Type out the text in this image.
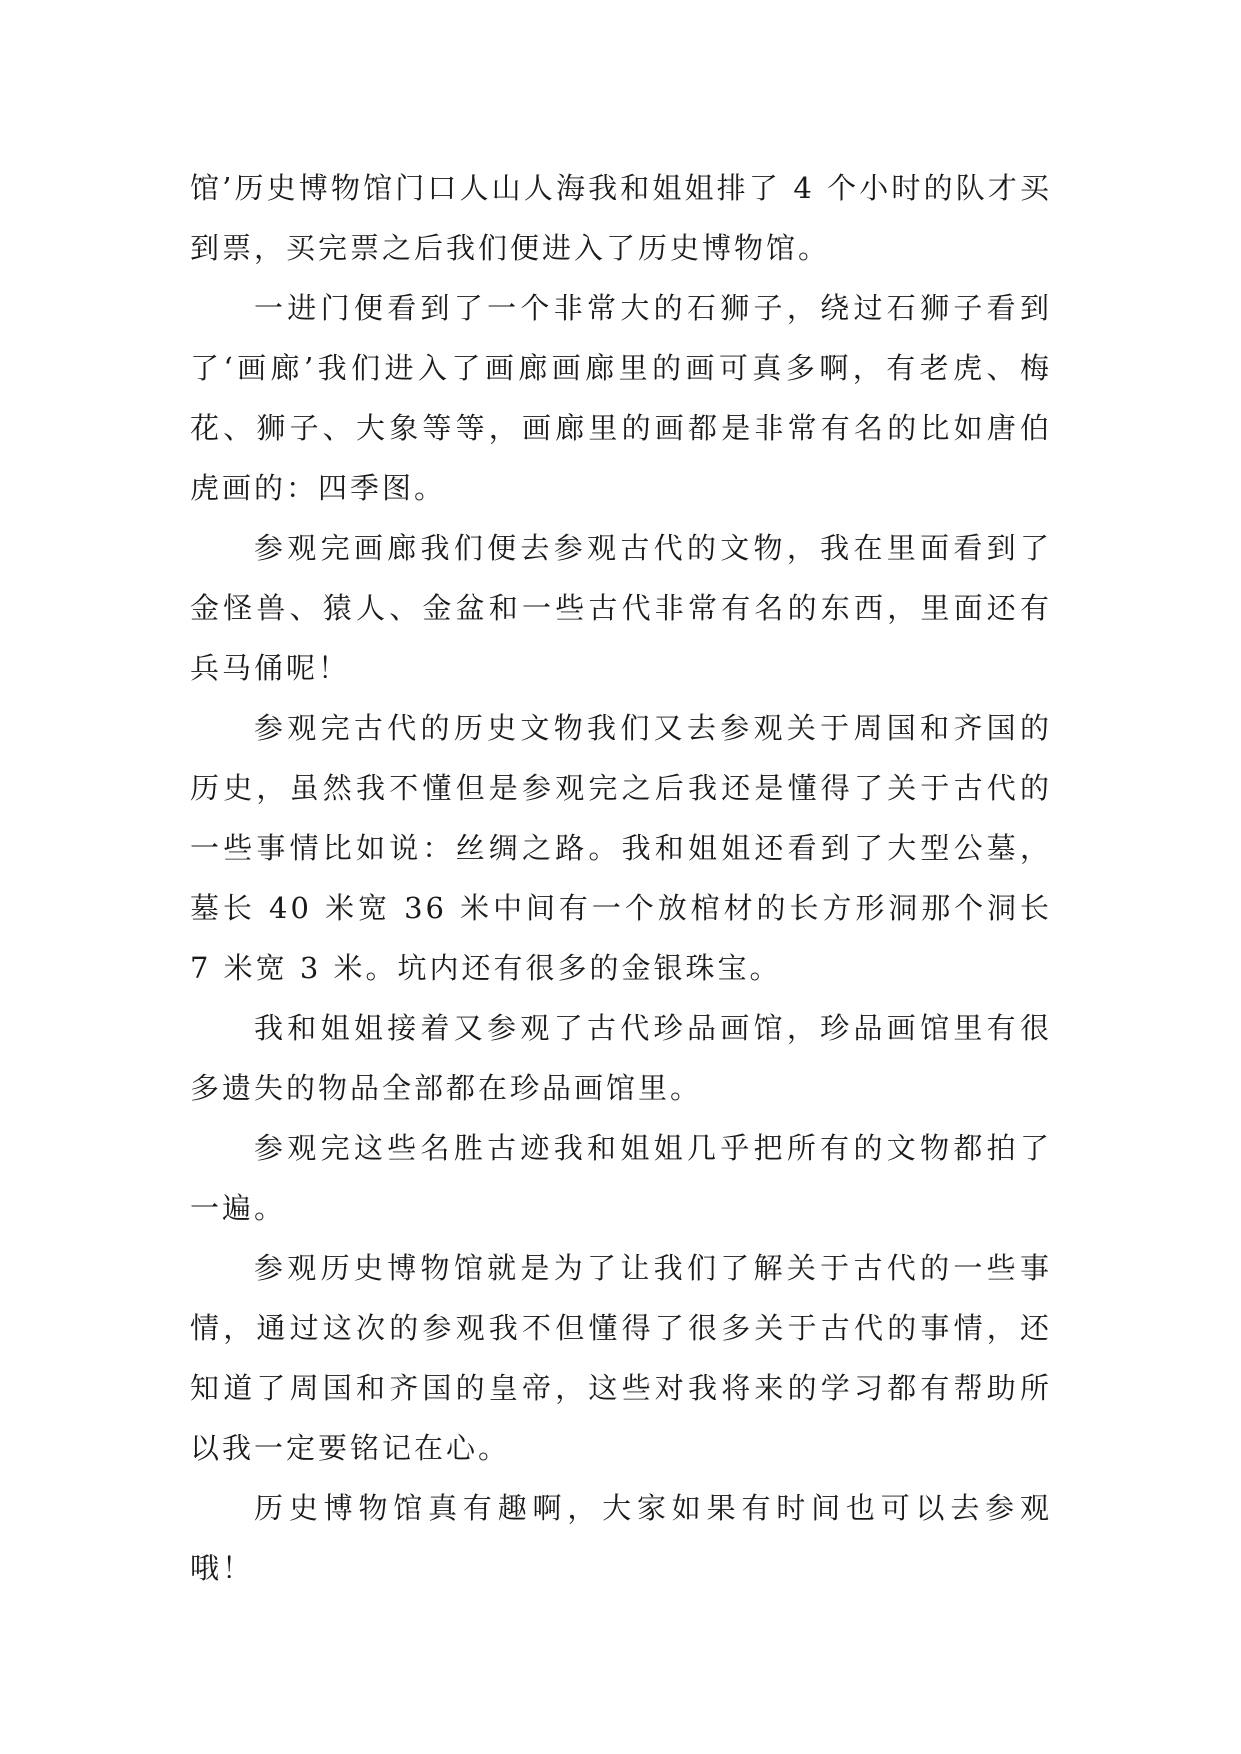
馆’历史博物馆门口人山人海我和姐姐排了 4 个小时的队才买到票，买完票之后我们便进入了历史博物馆。

一进门便看到了一个非常大的石狮子，绕过石狮子看到了‘画廊’我们进入了画廊画廊里的画可真多啊，有老虎、梅花、狮子、大象等等，画廊里的画都是非常有名的比如唐伯虎画的：四季图。

参观完画廊我们便去参观古代的文物，我在里面看到了金怪兽、猿人、金盆和一些古代非常有名的东西，里面还有兵马俑呢！

参观完古代的历史文物我们又去参观关于周国和齐国的历史，虽然我不懂但是参观完之后我还是懂得了关于古代的一些事情比如说：丝绸之路。我和姐姐还看到了大型公墓，墓长 40 米宽 36 米中间有一个放棺材的长方形洞那个洞长 7 米宽 3 米。坑内还有很多的金银珠宝。

我和姐姐接着又参观了古代珍品画馆，珍品画馆里有很多遗失的物品全部都在珍品画馆里。

参观完这些名胜古迹我和姐姐几乎把所有的文物都拍了一遍。

参观历史博物馆就是为了让我们了解关于古代的一些事情，通过这次的参观我不但懂得了很多关于古代的事情，还知道了周国和齐国的皇帝，这些对我将来的学习都有帮助所以我一定要铭记在心。

历史博物馆真有趣啊，大家如果有时间也可以去参观哦！
